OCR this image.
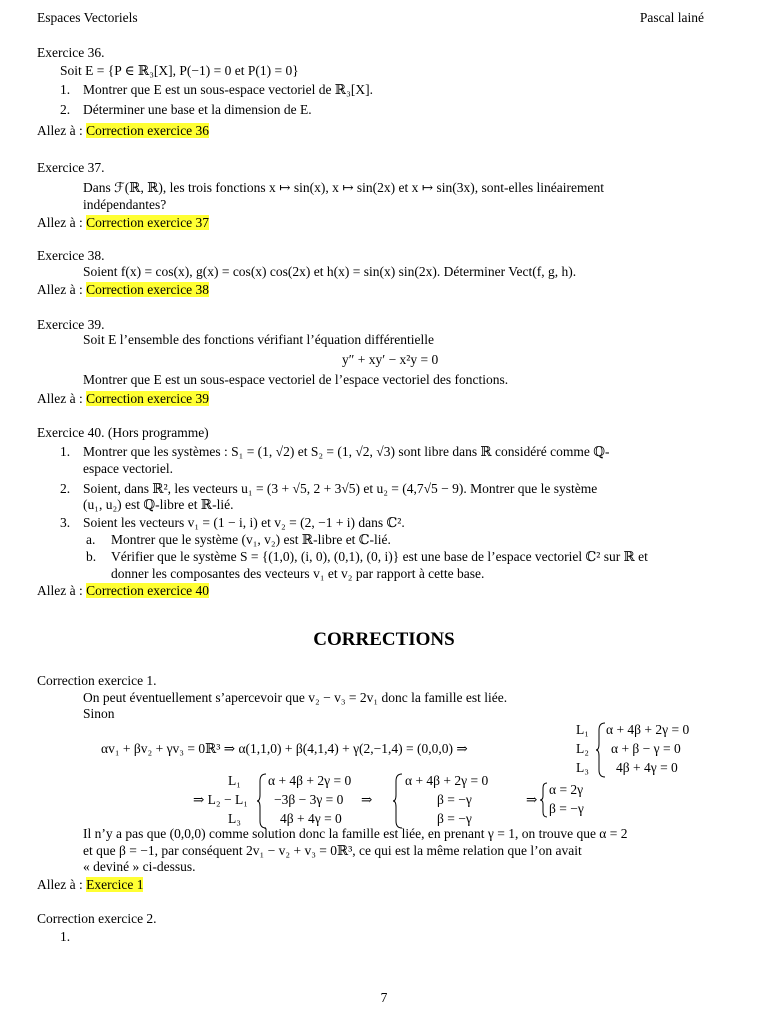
Espaces Vectoriels	Pascal lainé
Exercice 36.
Soit E = {P ∈ ℝ₃[X], P(−1) = 0 et P(1) = 0}
1. Montrer que E est un sous-espace vectoriel de ℝ₃[X].
2. Déterminer une base et la dimension de E.
Exercice 37.
Dans ℱ(ℝ, ℝ), les trois fonctions x ↦ sin(x), x ↦ sin(2x) et x ↦ sin(3x), sont-elles linéairement
indépendantes?
Exercice 38.
Soient f(x) = cos(x), g(x) = cos(x) cos(2x) et h(x) = sin(x) sin(2x). Déterminer Vect(f, g, h).
Exercice 39.
Soit E l’ensemble des fonctions vérifiant l’équation différentielle
y″ + xy′ − x²y = 0
Montrer que E est un sous-espace vectoriel de l’espace vectoriel des fonctions.
Exercice 40. (Hors programme)
1. Montrer que les systèmes : S₁ = (1, √2) et S₂ = (1, √2, √3) sont libre dans ℝ considéré comme ℚ-
espace vectoriel.
2. Soient, dans ℝ², les vecteurs u₁ = (3 + √5, 2 + 3√5) et u₂ = (4,7√5 − 9). Montrer que le système
(u₁, u₂) est ℚ-libre et ℝ-lié.
3. Soient les vecteurs v₁ = (1 − i, i) et v₂ = (2, −1 + i) dans ℂ².
a. Montrer que le système (v₁, v₂) est ℝ-libre et ℂ-lié.
b. Vérifier que le système S = {(1,0), (i, 0), (0,1), (0, i)} est une base de l’espace vectoriel ℂ² sur ℝ et
donner les composantes des vecteurs v₁ et v₂ par rapport à cette base.
Correction exercice 1.
On peut éventuellement s’apercevoir que v₂ − v₃ = 2v₁ donc la famille est liée.
Sinon
αv₁ + βv₂ + γv₃ = 0ℝ³ ⇒ α(1,1,0) + β(4,1,4) + γ(2,−1,4) = (0,0,0) ⇒
L₁
L₂
L₃
α + 4β + 2γ = 0
α + β − γ = 0
4β + 4γ = 0
L₁
⇒ L₂ − L₁
L₃
α + 4β + 2γ = 0
−3β − 3γ = 0
4β + 4γ = 0
⇒
α + 4β + 2γ = 0
β = −γ
β = −γ
⇒
α = 2γ
β = −γ
Il n’y a pas que (0,0,0) comme solution donc la famille est liée, en prenant γ = 1, on trouve que α = 2
et que β = −1, par conséquent 2v₁ − v₂ + v₃ = 0ℝ³, ce qui est la même relation que l’on avait
« deviné » ci-dessus.
Correction exercice 2.
1.
Allez à : Correction exercice 36
Allez à : Correction exercice 37
Allez à : Correction exercice 38
Allez à : Correction exercice 39
Allez à : Correction exercice 40
Allez à : Exercice 1
CORRECTIONS
7
